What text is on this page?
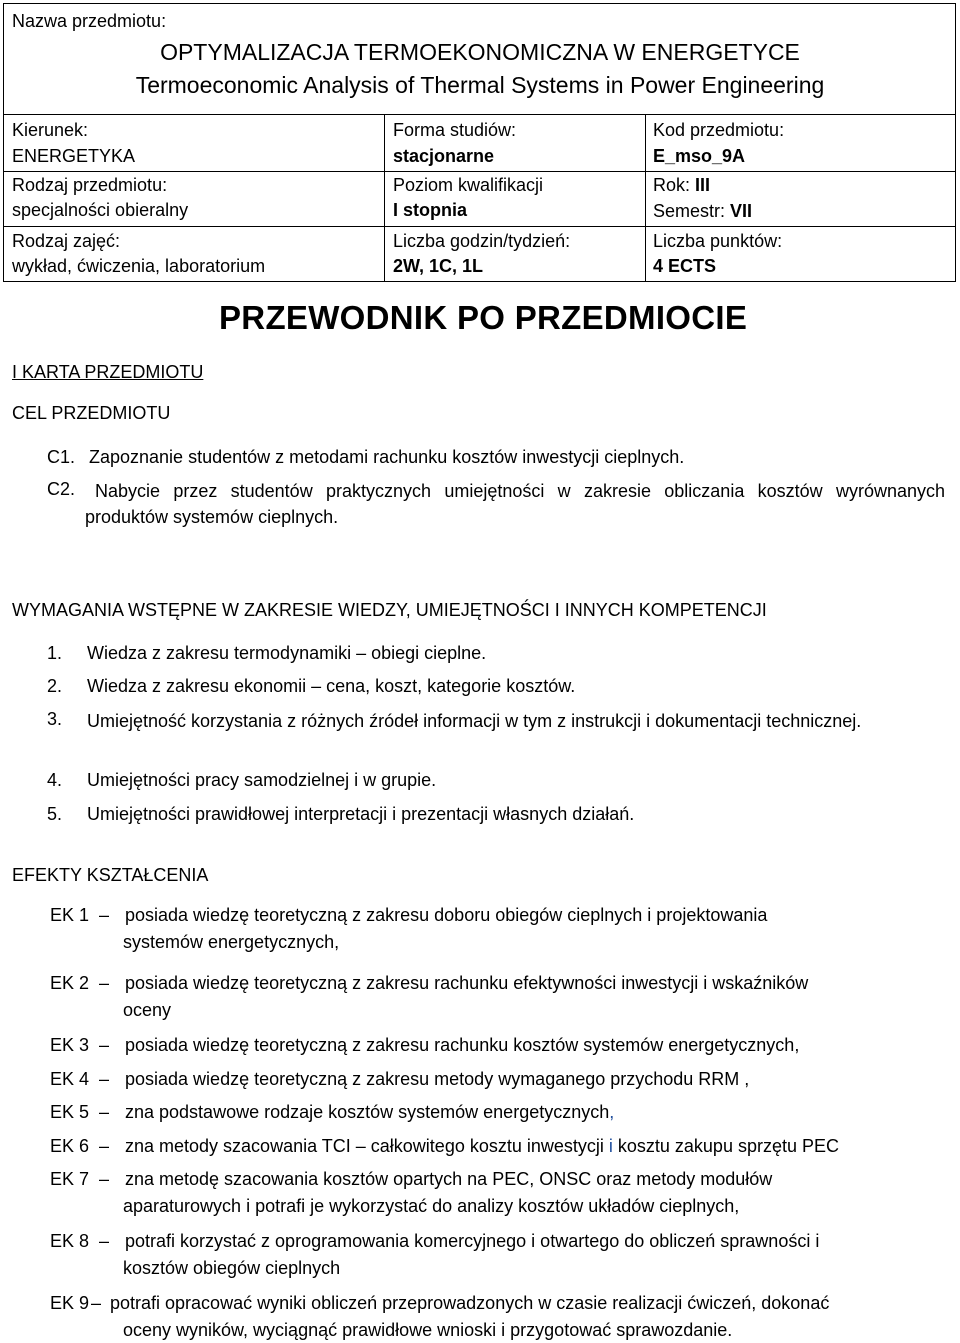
Nazwa przedmiotu:
OPTYMALIZACJA TERMOEKONOMICZNA W ENERGETYCE
Termoeconomic Analysis of Thermal Systems in Power Engineering
Kierunek:
ENERGETYKA
Rodzaj przedmiotu:
specjalności obieralny
Rodzaj zajęć:
wykład, ćwiczenia, laboratorium
Forma studiów:
stacjonarne
Poziom kwalifikacji
I stopnia
Liczba godzin/tydzień:
2W, 1C, 1L
Kod przedmiotu:
E_mso_9A
Rok: III
Semestr: VII
Liczba punktów:
4 ECTS
PRZEWODNIK PO PRZEDMIOCIE
I KARTA PRZEDMIOTU
CEL PRZEDMIOTU
C1. Zapoznanie studentów z metodami rachunku kosztów inwestycji cieplnych.
C2.	Nabycie przez studentów praktycznych umiejętności w zakresie obliczania kosztów wyrównanych produktów systemów cieplnych.
WYMAGANIA WSTĘPNE W ZAKRESIE WIEDZY, UMIEJĘTNOŚCI I INNYCH KOMPETENCJI
1. Wiedza z zakresu termodynamiki – obiegi cieplne.
2. Wiedza z zakresu ekonomii – cena, koszt, kategorie kosztów.
3. Umiejętność korzystania z różnych źródeł informacji w tym z instrukcji i dokumentacji technicznej.
4. Umiejętności pracy samodzielnej i w grupie.
5. Umiejętności prawidłowej interpretacji i prezentacji własnych działań.
EFEKTY KSZTAŁCENIA
EK 1 – posiada wiedzę teoretyczną z zakresu doboru obiegów cieplnych i projektowania
systemów energetycznych,
EK 2 – posiada wiedzę teoretyczną z zakresu rachunku efektywności inwestycji i wskaźników
oceny
EK 3 – posiada wiedzę teoretyczną z zakresu rachunku kosztów systemów energetycznych,
EK 4 – posiada wiedzę teoretyczną z zakresu metody wymaganego przychodu RRM ,
EK 5 – zna podstawowe rodzaje kosztów systemów energetycznych,
EK 6 – zna metody szacowania TCI – całkowitego kosztu inwestycji i kosztu zakupu sprzętu PEC
EK 7 – zna metodę szacowania kosztów opartych na PEC, ONSC oraz metody modułów
aparaturowych i potrafi je wykorzystać do analizy kosztów układów cieplnych,
EK 8 – potrafi korzystać z oprogramowania komercyjnego i otwartego do obliczeń sprawności i
kosztów obiegów cieplnych
EK 9 – potrafi opracować wyniki obliczeń przeprowadzonych w czasie realizacji ćwiczeń, dokonać
oceny wyników, wyciągnąć prawidłowe wnioski i przygotować sprawozdanie.
